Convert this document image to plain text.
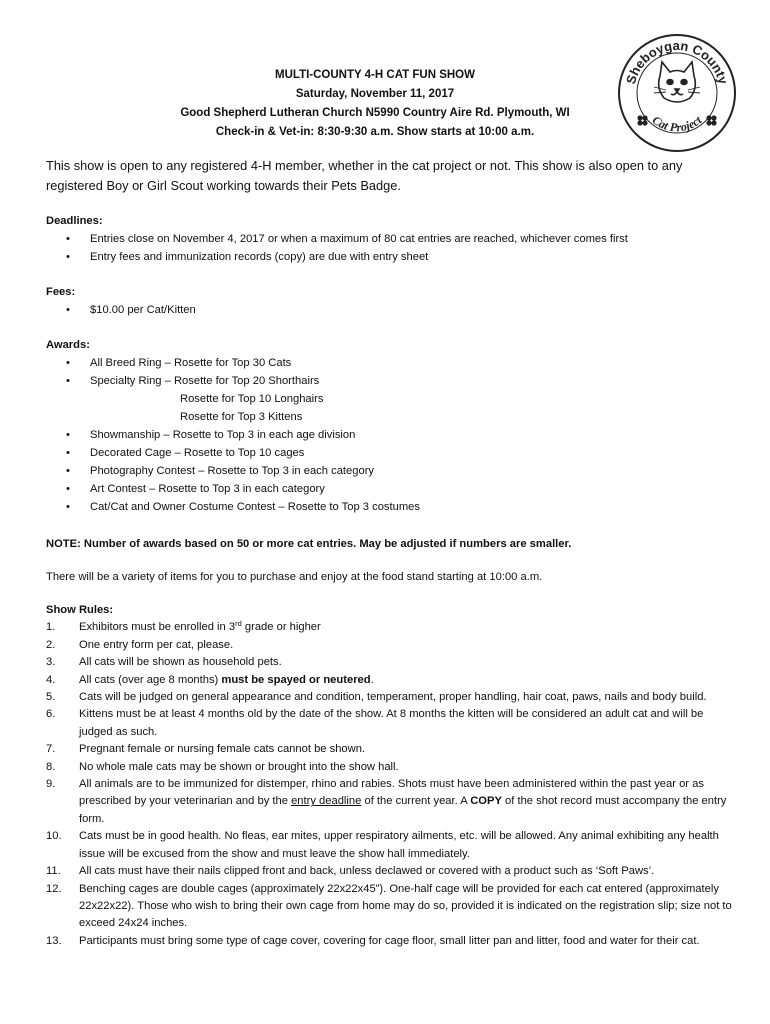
MULTI-COUNTY 4-H CAT FUN SHOW
Saturday, November 11, 2017
Good Shepherd Lutheran Church N5990 Country Aire Rd. Plymouth, WI
Check-in & Vet-in: 8:30-9:30 a.m. Show starts at 10:00 a.m.
Sheboygan County
Cat Project
This show is open to any registered 4-H member, whether in the cat project or not. This show is also open to any registered Boy or Girl Scout working towards their Pets Badge.
Deadlines:
• Entries close on November 4, 2017 or when a maximum of 80 cat entries are reached, whichever comes first
• Entry fees and immunization records (copy) are due with entry sheet
Fees:
• $10.00 per Cat/Kitten
Awards:
• All Breed Ring – Rosette for Top 30 Cats
• Specialty Ring – Rosette for Top 20 Shorthairs
Rosette for Top 10 Longhairs
Rosette for Top 3 Kittens
• Showmanship – Rosette to Top 3 in each age division
• Decorated Cage – Rosette to Top 10 cages
• Photography Contest – Rosette to Top 3 in each category
• Art Contest – Rosette to Top 3 in each category
• Cat/Cat and Owner Costume Contest – Rosette to Top 3 costumes
NOTE: Number of awards based on 50 or more cat entries. May be adjusted if numbers are smaller.
There will be a variety of items for you to purchase and enjoy at the food stand starting at 10:00 a.m.
Show Rules:
1. Exhibitors must be enrolled in 3rd grade or higher
2. One entry form per cat, please.
3. All cats will be shown as household pets.
4. All cats (over age 8 months) must be spayed or neutered.
5. Cats will be judged on general appearance and condition, temperament, proper handling, hair coat, paws, nails and body build.
6. Kittens must be at least 4 months old by the date of the show. At 8 months the kitten will be considered an adult cat and will be judged as such.
7. Pregnant female or nursing female cats cannot be shown.
8. No whole male cats may be shown or brought into the show hall.
9. All animals are to be immunized for distemper, rhino and rabies. Shots must have been administered within the past year or as prescribed by your veterinarian and by the entry deadline of the current year. A COPY of the shot record must accompany the entry form.
10. Cats must be in good health. No fleas, ear mites, upper respiratory ailments, etc. will be allowed. Any animal exhibiting any health issue will be excused from the show and must leave the show hall immediately.
11. All cats must have their nails clipped front and back, unless declawed or covered with a product such as ‘Soft Paws’.
12. Benching cages are double cages (approximately 22x22x45”). One-half cage will be provided for each cat entered (approximately 22x22x22). Those who wish to bring their own cage from home may do so, provided it is indicated on the registration slip; size not to exceed 24x24 inches.
13. Participants must bring some type of cage cover, covering for cage floor, small litter pan and litter, food and water for their cat.
